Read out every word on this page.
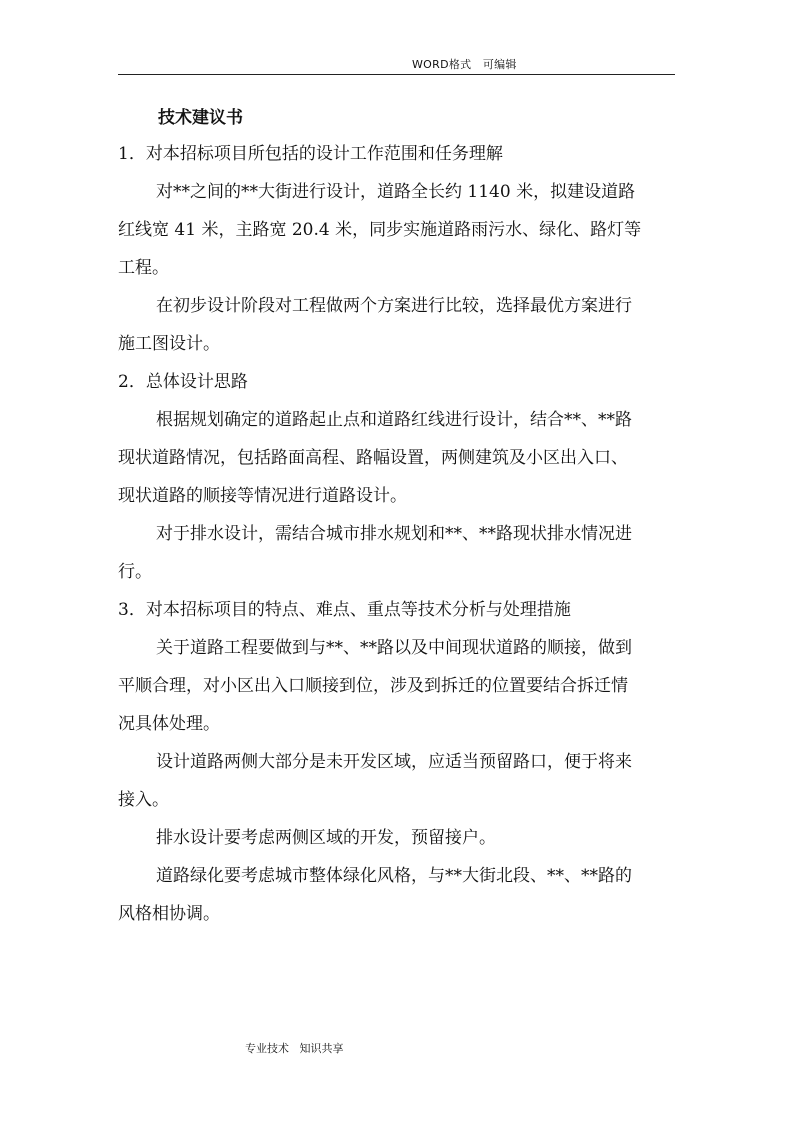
WORD格式   可编辑
技术建议书
1．对本招标项目所包括的设计工作范围和任务理解
对**之间的**大街进行设计，道路全长约 1140 米，拟建设道路
红线宽 41 米，主路宽 20.4 米，同步实施道路雨污水、绿化、路灯等
工程。
在初步设计阶段对工程做两个方案进行比较，选择最优方案进行
施工图设计。
2．总体设计思路
根据规划确定的道路起止点和道路红线进行设计，结合**、**路
现状道路情况，包括路面高程、路幅设置，两侧建筑及小区出入口、
现状道路的顺接等情况进行道路设计。
对于排水设计，需结合城市排水规划和**、**路现状排水情况进
行。
3．对本招标项目的特点、难点、重点等技术分析与处理措施
关于道路工程要做到与**、**路以及中间现状道路的顺接，做到
平顺合理，对小区出入口顺接到位，涉及到拆迁的位置要结合拆迁情
况具体处理。
设计道路两侧大部分是未开发区域，应适当预留路口，便于将来
接入。
排水设计要考虑两侧区域的开发，预留接户。
道路绿化要考虑城市整体绿化风格，与**大街北段、**、**路的
风格相协调。
专业技术   知识共享
